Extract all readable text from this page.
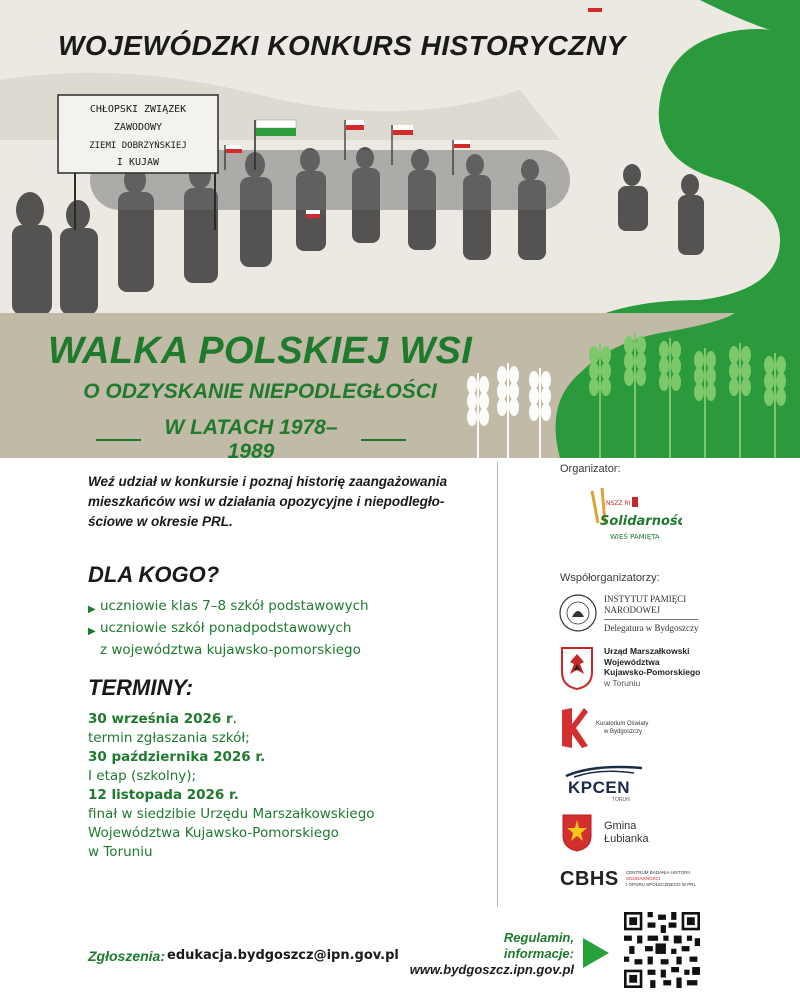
CHŁOPSKI ZWIĄZEK
ZAWODOWY
ZIEMI DOBRZYŃSKIEJ
I KUJAW
WOJEWÓDZKI KONKURS HISTORYCZNY
WALKA POLSKIEJ WSI
O ODZYSKANIE NIEPODLEGŁOŚCI
W LATACH 1978–1989
Weź udział w konkursie i poznaj historię zaangażowania mieszkańców wsi w działania opozycyjne i niepodległo-ściowe w okresie PRL.
DLA KOGO?
▶ uczniowie klas 7–8 szkół podstawowych
▶ uczniowie szkół ponadpodstawowych
z województwa kujawsko-pomorskiego
TERMINY:
30 września 2026 r.
termin zgłaszania szkół;
30 października 2026 r.
I etap (szkolny);
12 listopada 2026 r.
finał w siedzibie Urzędu Marszałkowskiego
Województwa Kujawsko-Pomorskiego
w Toruniu
Organizator:
NSZZ RI
Solidarność
WIEŚ PAMIĘTA
Współorganizatorzy:
INSTYTUT PAMIĘCI
NARODOWEJ
Delegatura w Bydgoszczy
Urząd Marszałkowski
Województwa
Kujawsko-Pomorskiego
w Toruniu
Kuratorium Oświaty
w Bydgoszczy
KPCEN
TORUŃ
Gmina
Łubianka
CBHS CENTRUM BADANIA HISTORII
SOLIDARNOŚCI
I OPORU SPOŁECZNEGO W PRL
Zgłoszenia: edukacja.bydgoszcz@ipn.gov.pl
Regulamin,
informacje:
www.bydgoszcz.ipn.gov.pl
